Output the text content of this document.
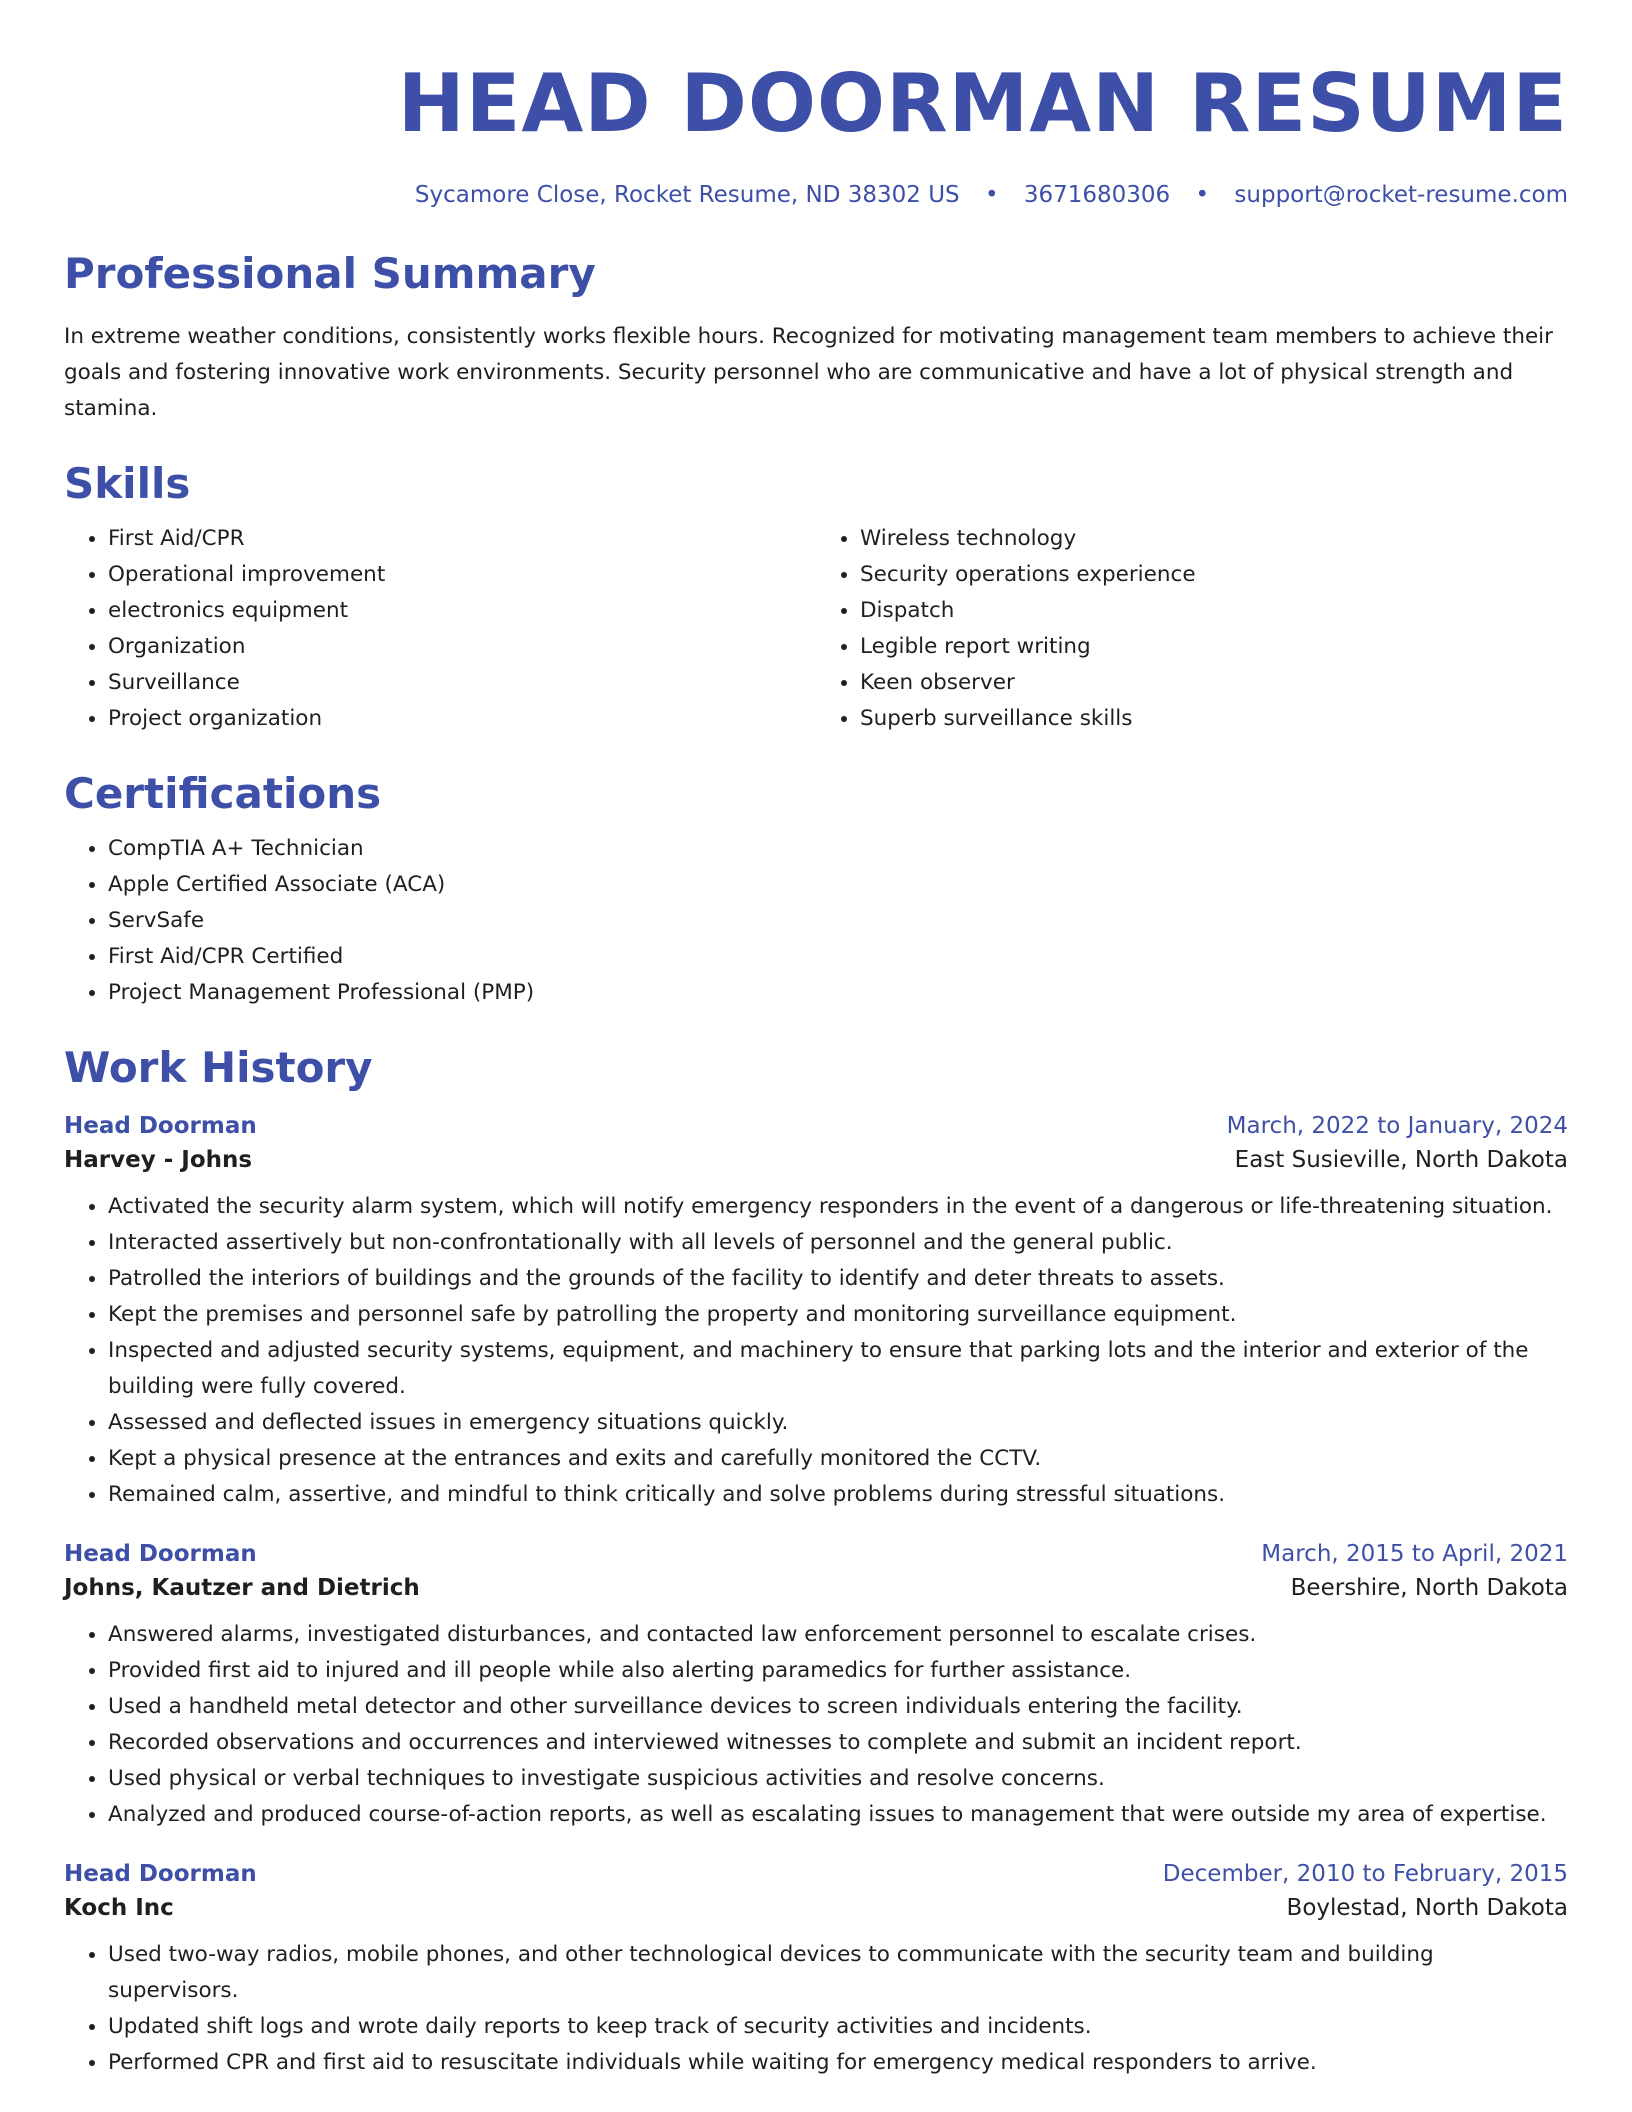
HEAD DOORMAN RESUME
Sycamore Close, Rocket Resume, ND 38302 US • 3671680306 • support@rocket-resume.com
Professional Summary

In extreme weather conditions, consistently works flexible hours. Recognized for motivating management team members to achieve their goals and fostering innovative work environments. Security personnel who are communicative and have a lot of physical strength and stamina.

Skills
• First Aid/CPR
• Operational improvement
• electronics equipment
• Organization
• Surveillance
• Project organization
• Wireless technology
• Security operations experience
• Dispatch
• Legible report writing
• Keen observer
• Superb surveillance skills
Certifications
• CompTIA A+ Technician
• Apple Certified Associate (ACA)
• ServSafe
• First Aid/CPR Certified
• Project Management Professional (PMP)
Work History
Head Doorman	March, 2022 to January, 2024
Harvey - Johns	East Susieville, North Dakota
• Activated the security alarm system, which will notify emergency responders in the event of a dangerous or life-threatening situation.
• Interacted assertively but non-confrontationally with all levels of personnel and the general public.
• Patrolled the interiors of buildings and the grounds of the facility to identify and deter threats to assets.
• Kept the premises and personnel safe by patrolling the property and monitoring surveillance equipment.
• Inspected and adjusted security systems, equipment, and machinery to ensure that parking lots and the interior and exterior of the building were fully covered.
• Assessed and deflected issues in emergency situations quickly.
• Kept a physical presence at the entrances and exits and carefully monitored the CCTV.
• Remained calm, assertive, and mindful to think critically and solve problems during stressful situations.
Head Doorman	March, 2015 to April, 2021
Johns, Kautzer and Dietrich	Beershire, North Dakota
• Answered alarms, investigated disturbances, and contacted law enforcement personnel to escalate crises.
• Provided first aid to injured and ill people while also alerting paramedics for further assistance.
• Used a handheld metal detector and other surveillance devices to screen individuals entering the facility.
• Recorded observations and occurrences and interviewed witnesses to complete and submit an incident report.
• Used physical or verbal techniques to investigate suspicious activities and resolve concerns.
• Analyzed and produced course-of-action reports, as well as escalating issues to management that were outside my area of expertise.
Head Doorman	December, 2010 to February, 2015
Koch Inc	Boylestad, North Dakota
• Used two-way radios, mobile phones, and other technological devices to communicate with the security team and building supervisors.
• Updated shift logs and wrote daily reports to keep track of security activities and incidents.
• Performed CPR and first aid to resuscitate individuals while waiting for emergency medical responders to arrive.
